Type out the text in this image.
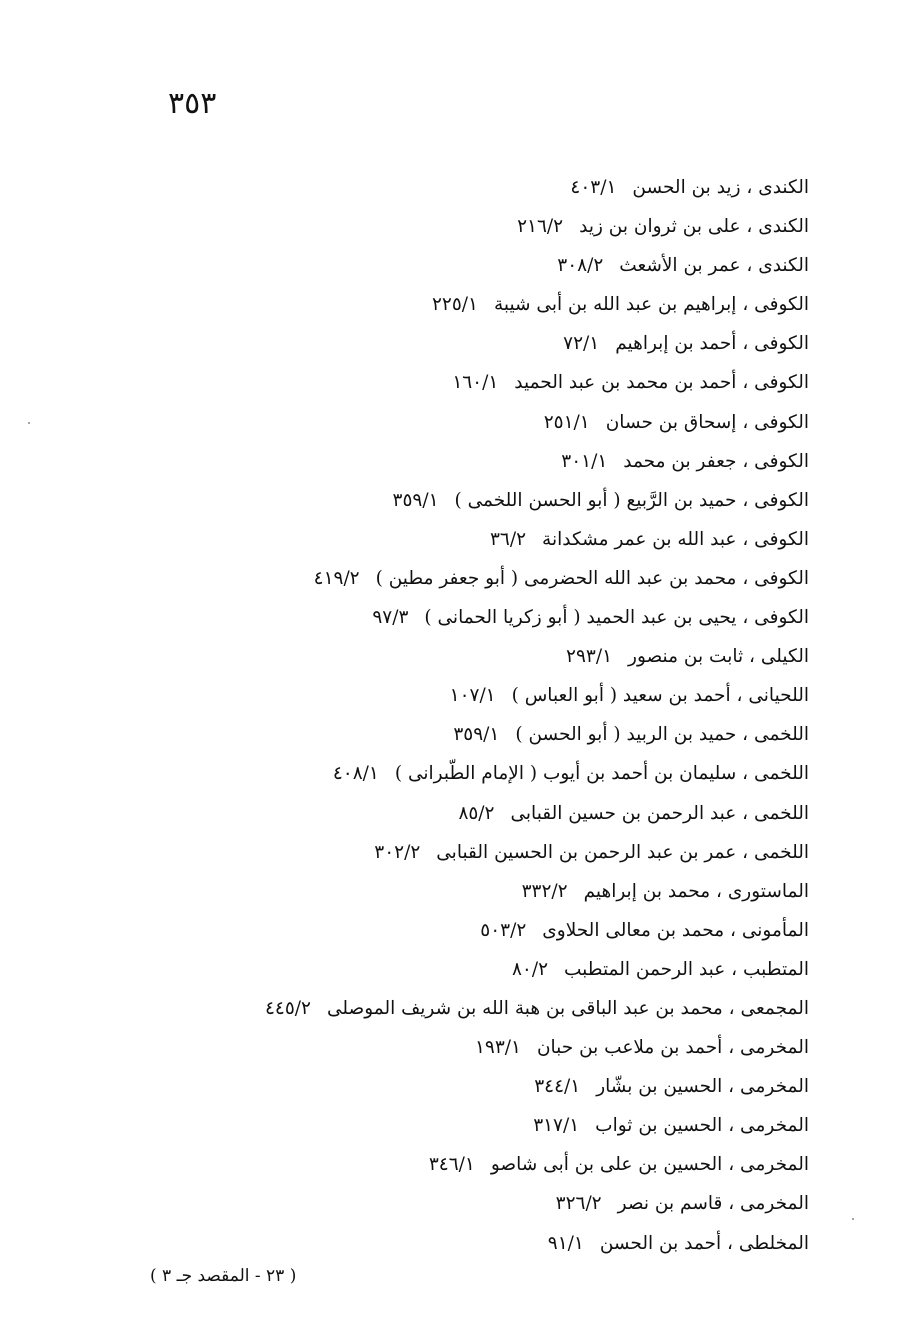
٣٥٣
الكندى ، زيد بن الحسن٤٠٣/١
الكندى ، على بن ثروان بن زيد٢١٦/٢
الكندى ، عمر بن الأشعث٣٠٨/٢
الكوفى ، إبراهيم بن عبد الله بن أبى شيبة٢٢٥/١
الكوفى ، أحمد بن إبراهيم٧٢/١
الكوفى ، أحمد بن محمد بن عبد الحميد١٦٠/١
الكوفى ، إسحاق بن حسان٢٥١/١
الكوفى ، جعفر بن محمد٣٠١/١
الكوفى ، حميد بن الرَّبيع ( أبو الحسن اللخمى )٣٥٩/١
الكوفى ، عبد الله بن عمر مشكدانة٣٦/٢
الكوفى ، محمد بن عبد الله الحضرمى ( أبو جعفر مطين )٤١٩/٢
الكوفى ، يحيى بن عبد الحميد ( أبو زكريا الحمانى )٩٧/٣
الكيلى ، ثابت بن منصور٢٩٣/١
اللحيانى ، أحمد بن سعيد ( أبو العباس )١٠٧/١
اللخمى ، حميد بن الربيد ( أبو الحسن )٣٥٩/١
اللخمى ، سليمان بن أحمد بن أيوب ( الإمام الطّبرانى )٤٠٨/١
اللخمى ، عبد الرحمن بن حسين القبابى٨٥/٢
اللخمى ، عمر بن عبد الرحمن بن الحسين القبابى٣٠٢/٢
الماستورى ، محمد بن إبراهيم٣٣٢/٢
المأمونى ، محمد بن معالى الحلاوى٥٠٣/٢
المتطبب ، عبد الرحمن المتطبب٨٠/٢
المجمعى ، محمد بن عبد الباقى بن هبة الله بن شريف الموصلى٤٤٥/٢
المخرمى ، أحمد بن ملاعب بن حبان١٩٣/١
المخرمى ، الحسين بن بشّار٣٤٤/١
المخرمى ، الحسين بن ثواب٣١٧/١
المخرمى ، الحسين بن على بن أبى شاصو٣٤٦/١
المخرمى ، قاسم بن نصر٣٢٦/٢
المخلطى ، أحمد بن الحسن٩١/١
( ٢٣ - المقصد جـ ٣ )
